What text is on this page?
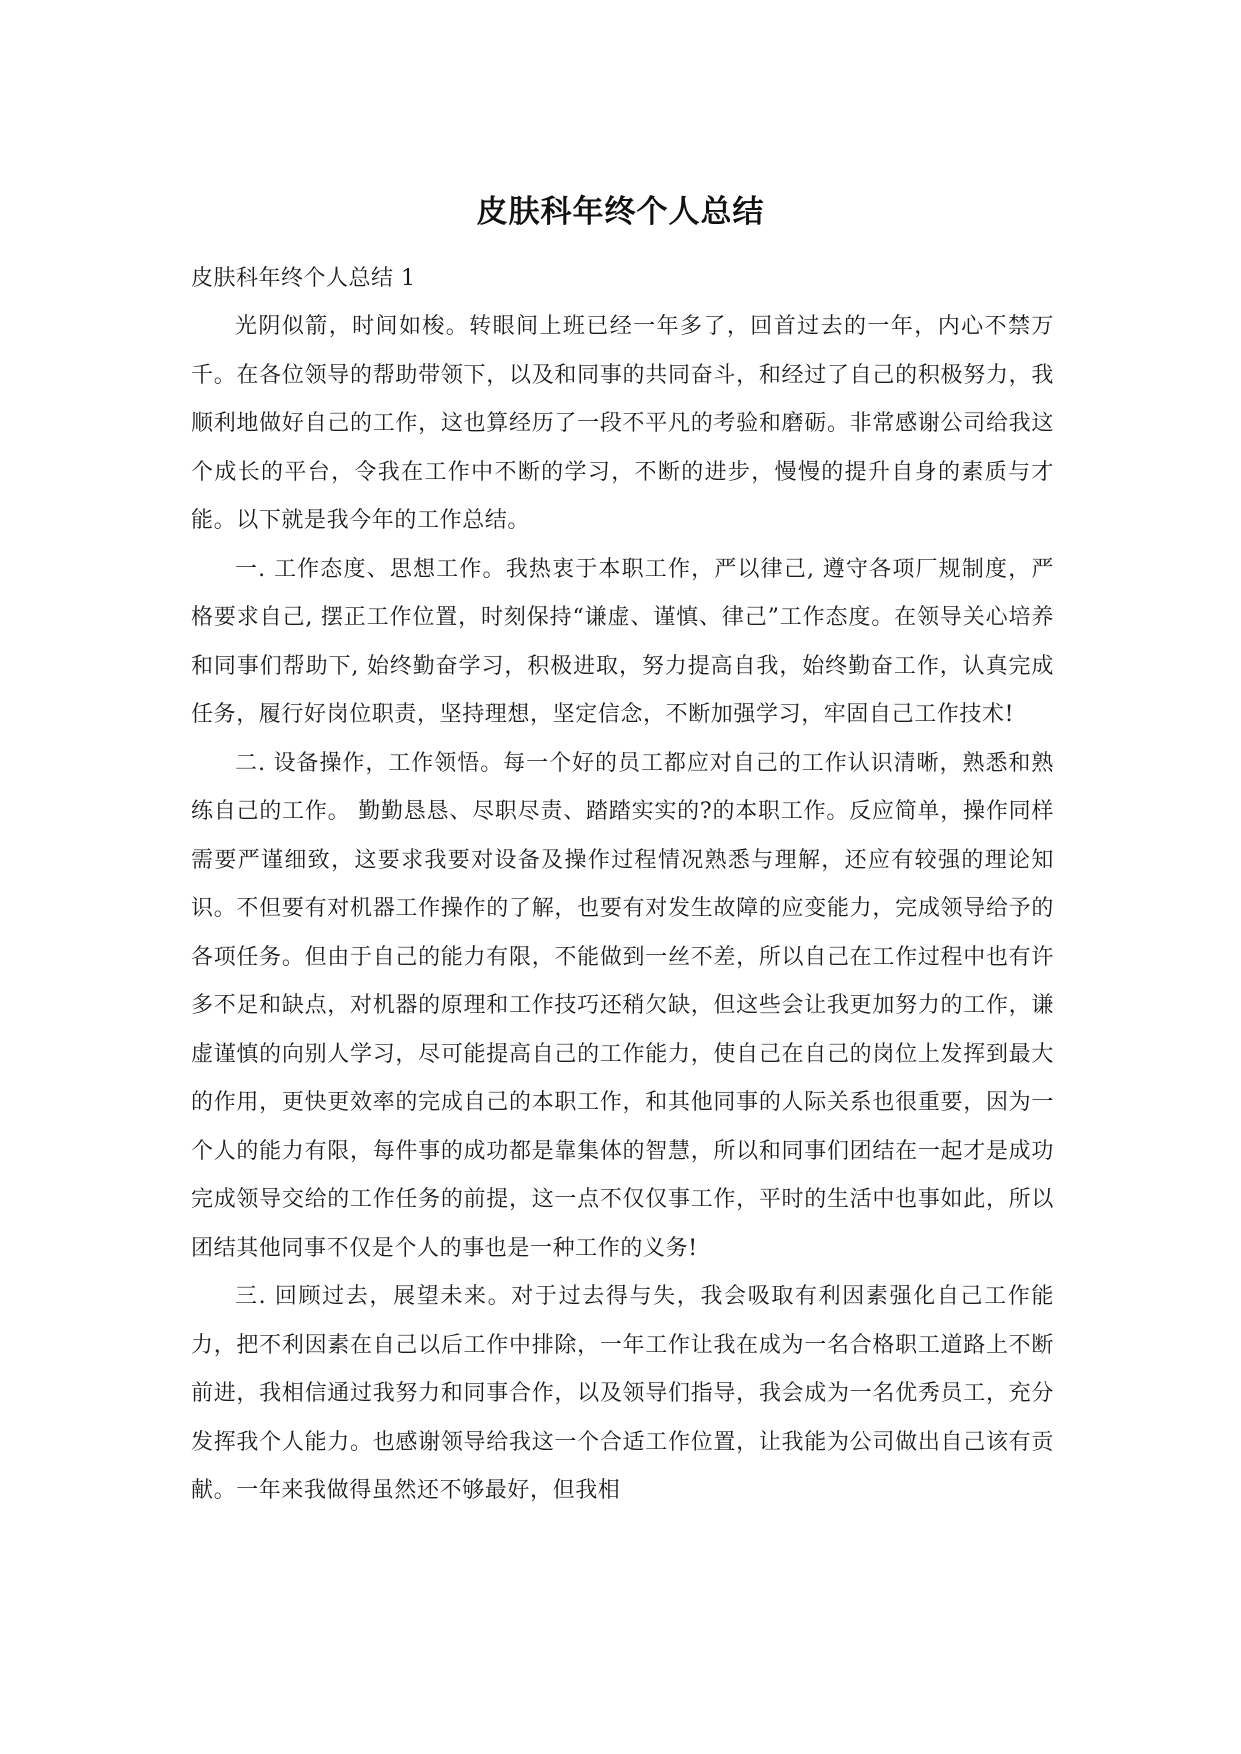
皮肤科年终个人总结

皮肤科年终个人总结 1

光阴似箭，时间如梭。转眼间上班已经一年多了，回首过去的一年，内心不禁万千。在各位领导的帮助带领下，以及和同事的共同奋斗，和经过了自己的积极努力，我顺利地做好自己的工作，这也算经历了一段不平凡的考验和磨砺。非常感谢公司给我这个成长的平台，令我在工作中不断的学习，不断的进步，慢慢的提升自身的素质与才能。以下就是我今年的工作总结。

一. 工作态度、思想工作。我热衷于本职工作，严以律己, 遵守各项厂规制度，严格要求自己, 摆正工作位置，时刻保持“谦虚、谨慎、律己”工作态度。在领导关心培养和同事们帮助下, 始终勤奋学习，积极进取，努力提高自我，始终勤奋工作，认真完成任务，履行好岗位职责，坚持理想，坚定信念，不断加强学习，牢固自己工作技术!

二. 设备操作，工作领悟。每一个好的员工都应对自己的工作认识清晰，熟悉和熟练自己的工作。 勤勤恳恳、尽职尽责、踏踏实实的?的本职工作。反应简单，操作同样需要严谨细致，这要求我要对设备及操作过程情况熟悉与理解，还应有较强的理论知识。不但要有对机器工作操作的了解，也要有对发生故障的应变能力，完成领导给予的各项任务。但由于自己的能力有限，不能做到一丝不差，所以自己在工作过程中也有许多不足和缺点，对机器的原理和工作技巧还稍欠缺，但这些会让我更加努力的工作，谦虚谨慎的向别人学习，尽可能提高自己的工作能力，使自己在自己的岗位上发挥到最大的作用，更快更效率的完成自己的本职工作，和其他同事的人际关系也很重要，因为一个人的能力有限，每件事的成功都是靠集体的智慧，所以和同事们团结在一起才是成功完成领导交给的工作任务的前提，这一点不仅仅事工作，平时的生活中也事如此，所以团结其他同事不仅是个人的事也是一种工作的义务!

三. 回顾过去，展望未来。对于过去得与失，我会吸取有利因素强化自己工作能力，把不利因素在自己以后工作中排除，一年工作让我在成为一名合格职工道路上不断前进，我相信通过我努力和同事合作，以及领导们指导，我会成为一名优秀员工，充分发挥我个人能力。也感谢领导给我这一个合适工作位置，让我能为公司做出自己该有贡献。一年来我做得虽然还不够最好，但我相
